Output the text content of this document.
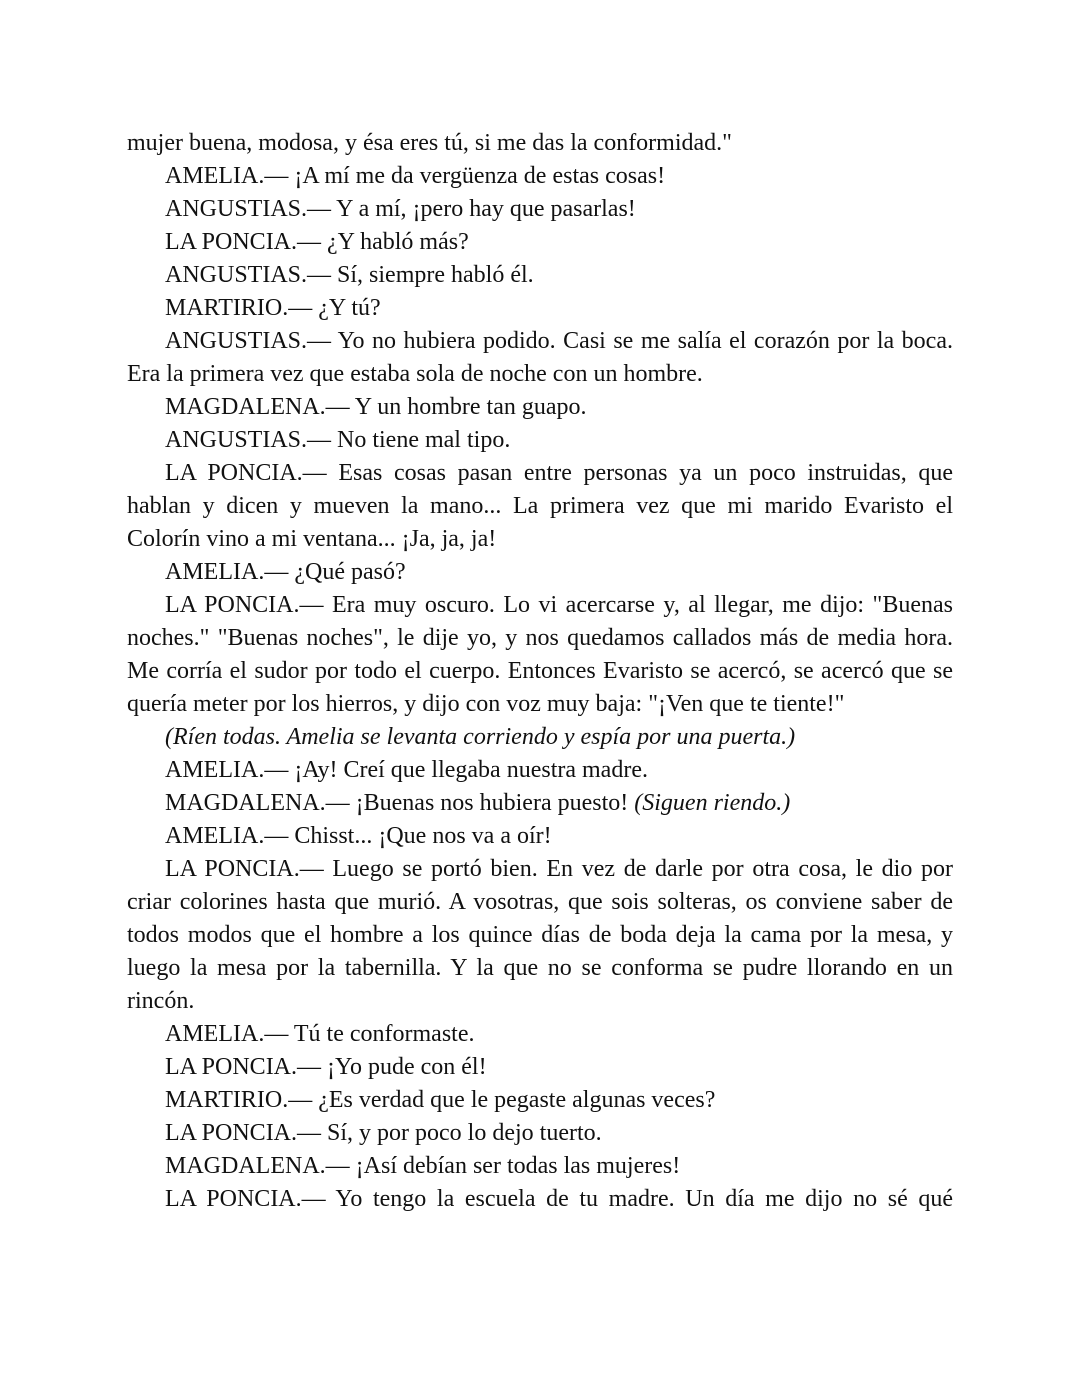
mujer buena, modosa, y ésa eres tú, si me das la conformidad."

AMELIA.— ¡A mí me da vergüenza de estas cosas!

ANGUSTIAS.— Y a mí, ¡pero hay que pasarlas!

LA PONCIA.— ¿Y habló más?

ANGUSTIAS.— Sí, siempre habló él.

MARTIRIO.— ¿Y tú?

ANGUSTIAS.— Yo no hubiera podido. Casi se me salía el corazón por la boca. Era la primera vez que estaba sola de noche con un hombre.

MAGDALENA.— Y un hombre tan guapo.

ANGUSTIAS.— No tiene mal tipo.

LA PONCIA.— Esas cosas pasan entre personas ya un poco instruidas, que hablan y dicen y mueven la mano... La primera vez que mi marido Evaristo el Colorín vino a mi ventana... ¡Ja, ja, ja!

AMELIA.— ¿Qué pasó?

LA PONCIA.— Era muy oscuro. Lo vi acercarse y, al llegar, me dijo: "Buenas noches." "Buenas noches", le dije yo, y nos quedamos callados más de media hora. Me corría el sudor por todo el cuerpo. Entonces Evaristo se acercó, se acercó que se quería meter por los hierros, y dijo con voz muy baja: "¡Ven que te tiente!"

(Ríen todas. Amelia se levanta corriendo y espía por una puerta.)

AMELIA.— ¡Ay! Creí que llegaba nuestra madre.

MAGDALENA.— ¡Buenas nos hubiera puesto! (Siguen riendo.)

AMELIA.— Chisst... ¡Que nos va a oír!

LA PONCIA.— Luego se portó bien. En vez de darle por otra cosa, le dio por criar colorines hasta que murió. A vosotras, que sois solteras, os conviene saber de todos modos que el hombre a los quince días de boda deja la cama por la mesa, y luego la mesa por la tabernilla. Y la que no se conforma se pudre llorando en un rincón.

AMELIA.— Tú te conformaste.

LA PONCIA.— ¡Yo pude con él!

MARTIRIO.— ¿Es verdad que le pegaste algunas veces?

LA PONCIA.— Sí, y por poco lo dejo tuerto.

MAGDALENA.— ¡Así debían ser todas las mujeres!

LA PONCIA.— Yo tengo la escuela de tu madre. Un día me dijo no sé qué
